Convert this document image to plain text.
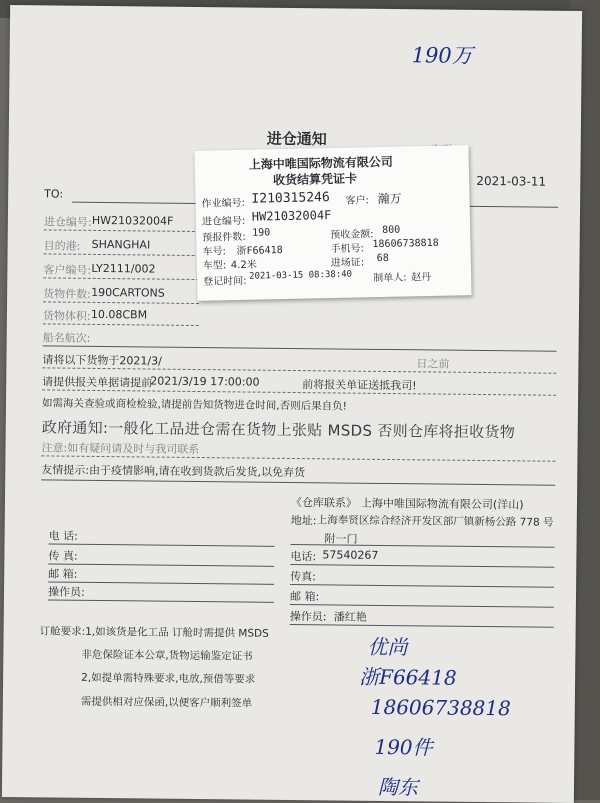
190万
进仓通知
2021-03-11
TO:
进仓编号: HW21032004F
目的港: SHANGHAI
客户编号: LY2111/002
货物件数: 190CARTONS
货物体积: 10.08CBM
船名航次:
请将以下货物于2021/3/	日之前
请提供报关单据请提前
2021/3/19 17:00:00	前将报关单证送抵我司!
如需海关查验或商检检验,请提前告知货物进仓时间,否则后果自负!
政府通知:一般化工品进仓需在货物上张贴 MSDS 否则仓库将拒收货物
注意:如有疑问请及时与我司联系
友情提示:由于疫情影响,请在收到货款后发货,以免弃货
《仓库联系》 上海中唯国际物流有限公司(洋山)
地址: 上海奉贤区综合经济开发区部厂镇新杨公路 778 号
附一门
电话: 57540267
传真:
邮 箱:
操作员: 潘红艳
电 话:
传 真:
邮 箱:
操作员:
订舱要求:1,如该货是化工品 订舱时需提供 MSDS
非危保险证本公章,货物运输鉴定证书
2,如提单需特殊要求,电放,预借等要求
需提供相对应保函,以便客户顺利签单
优尚
浙F66418
18606738818
190件
陶东
上海中唯国际物流有限公司
收货结算凭证卡
作业编号: I210315246 客户: 瀚万
进仓编号: HW21032004F
预报件数: 190	预收金额: 800
车号: 浙F66418	手机号: 18606738818
车型: 4.2米	进场证: 68
登记时间:
2021-03-15 08:38:40 制单人: 赵丹
